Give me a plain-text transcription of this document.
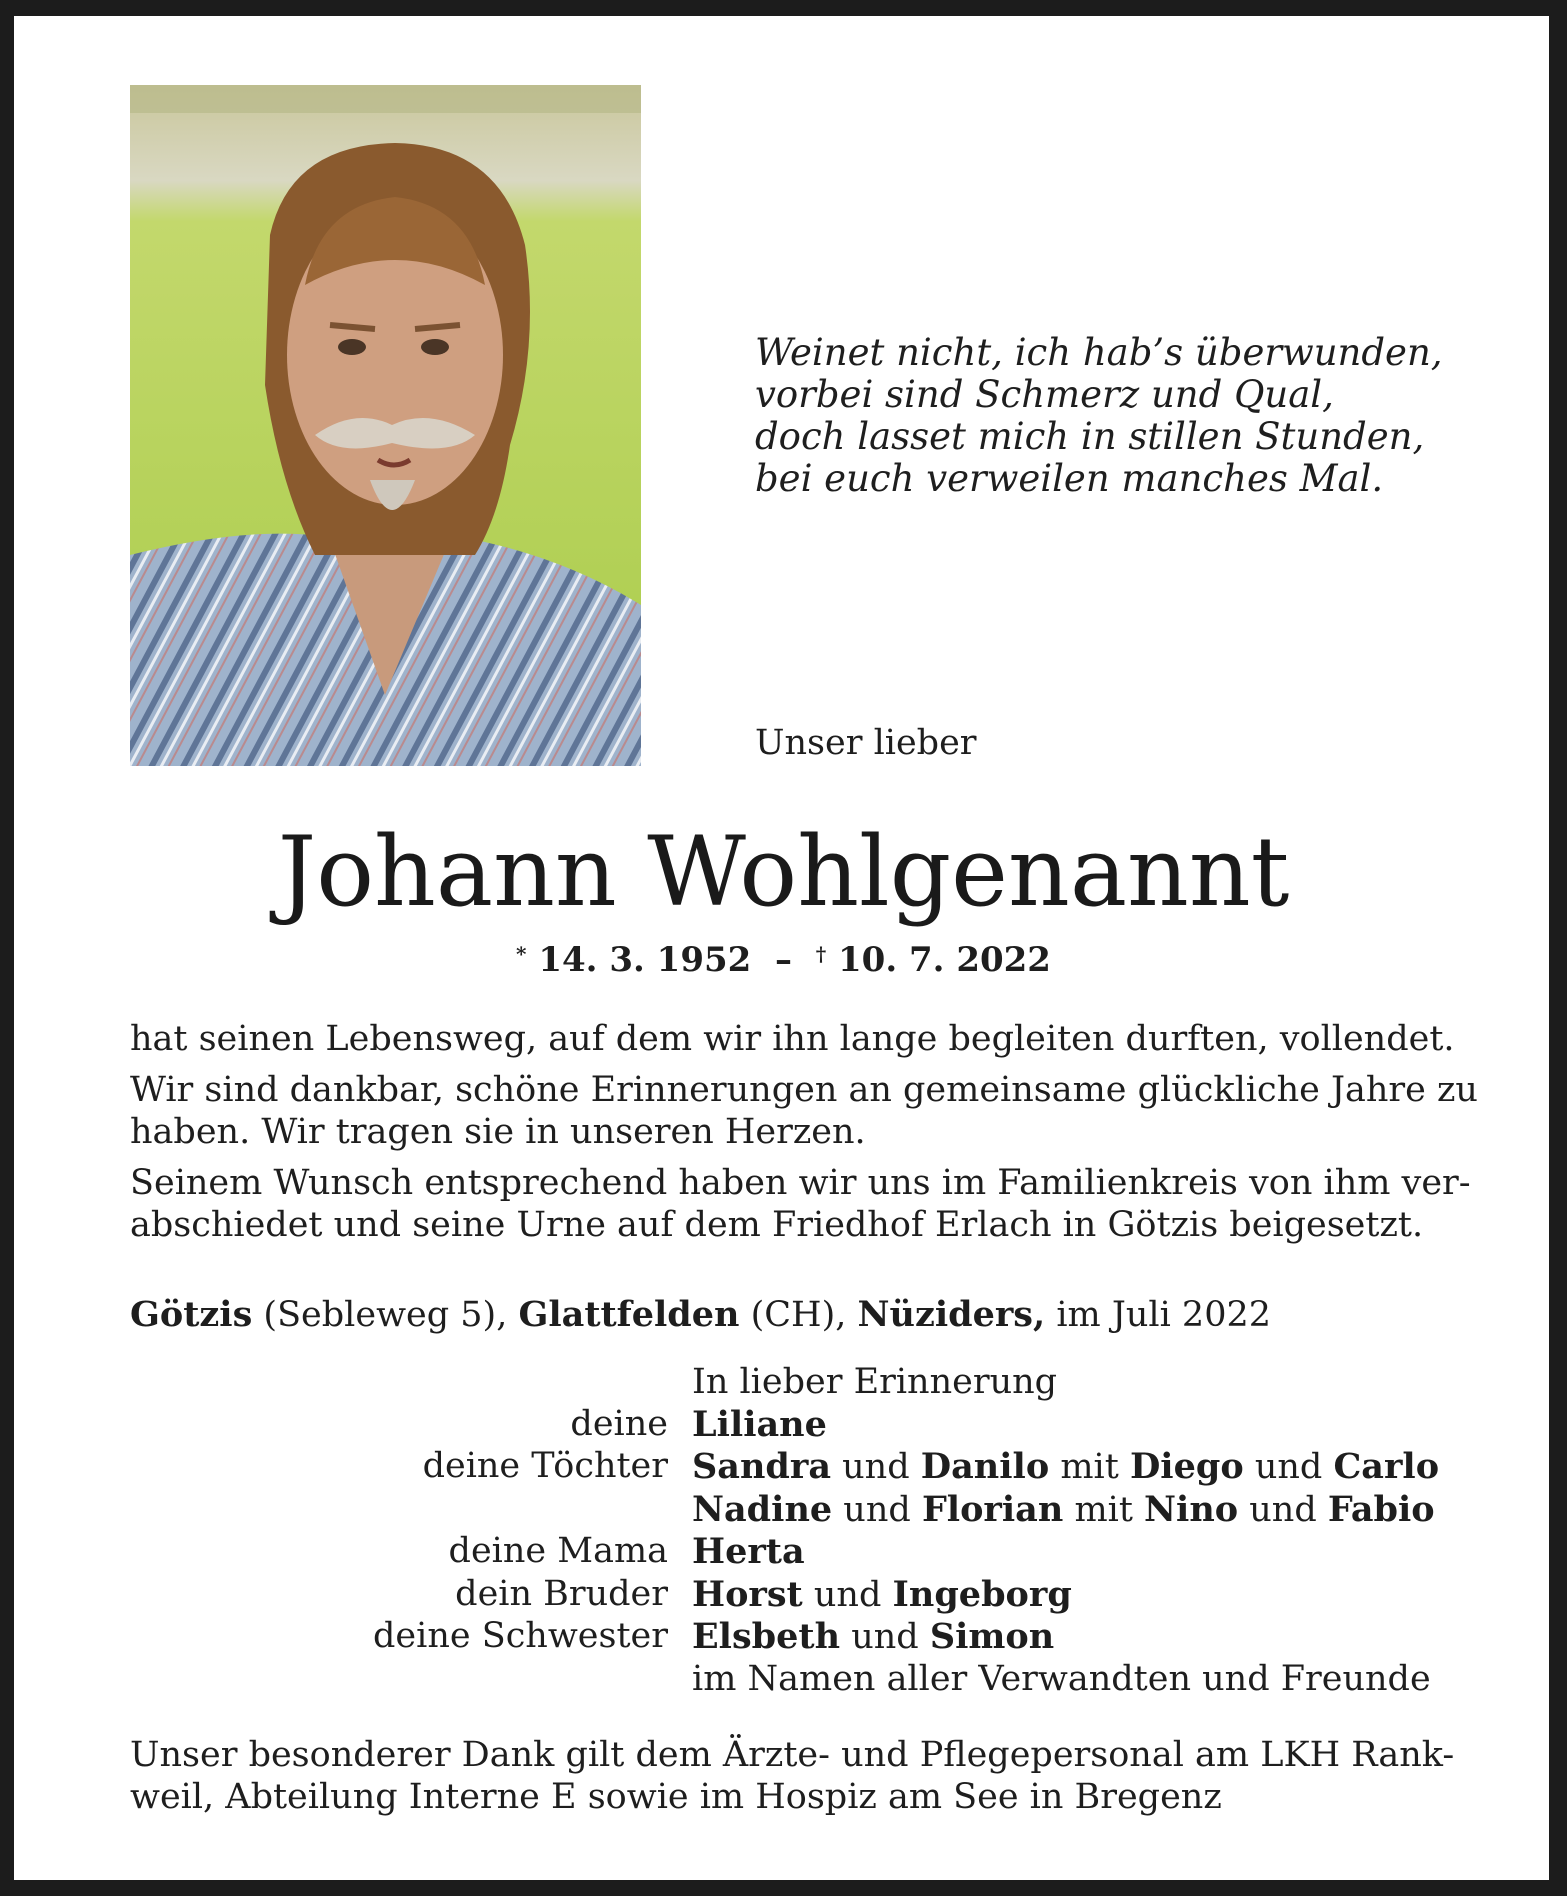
Weinet nicht, ich hab’s überwunden,
vorbei sind Schmerz und Qual,
doch lasset mich in stillen Stunden,
bei euch verweilen manches Mal.
Unser lieber
Johann Wohlgenannt
* 14. 3. 1952 – † 10. 7. 2022

hat seinen Lebensweg, auf dem wir ihn lange begleiten durften, vollendet.

Wir sind dankbar, schöne Erinnerungen an gemeinsame glückliche Jahre zu
haben. Wir tragen sie in unseren Herzen.

Seinem Wunsch entsprechend haben wir uns im Familienkreis von ihm ver-
abschiedet und seine Urne auf dem Friedhof Erlach in Götzis beigesetzt.

Götzis (Sebleweg 5), Glattfelden (CH), Nüziders, im Juli 2022
In lieber Erinnerung
deine Liliane
deine Töchter Sandra und Danilo mit Diego und Carlo
Nadine und Florian mit Nino und Fabio
deine Mama Herta
dein Bruder Horst und Ingeborg
deine Schwester Elsbeth und Simon
im Namen aller Verwandten und Freunde
Unser besonderer Dank gilt dem Ärzte- und Pflegepersonal am LKH Rank-
weil, Abteilung Interne E sowie im Hospiz am See in Bregenz
